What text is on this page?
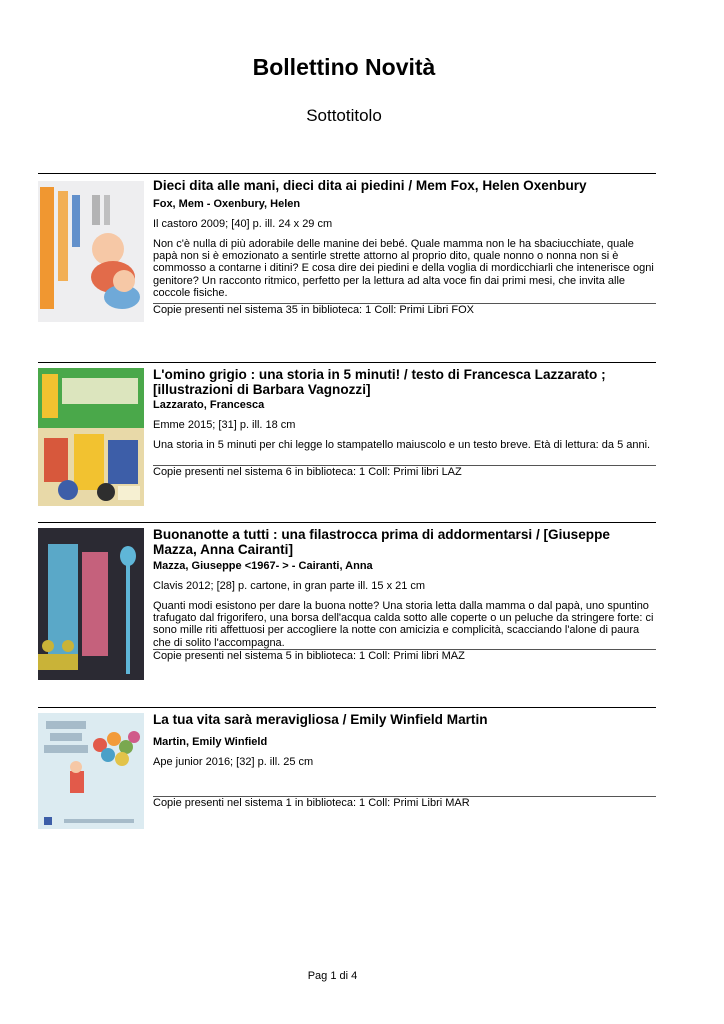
Bollettino Novità
Sottotitolo
Dieci dita alle mani, dieci dita ai piedini / Mem Fox, Helen Oxenbury
Fox, Mem - Oxenbury, Helen
Il castoro 2009; [40] p. ill. 24 x 29 cm
Non c'è nulla di più adorabile delle manine dei bebé. Quale mamma non le ha sbaciucchiate, quale papà non si è emozionato a sentirle strette attorno al proprio dito, quale nonno o nonna non si è commosso a contarne i ditini? E cosa dire dei piedini e della voglia di mordicchiarli che intenerisce ogni genitore? Un racconto ritmico, perfetto per la lettura ad alta voce fin dai primi mesi, che invita alle coccole fisiche.
Copie presenti nel sistema 35 in biblioteca: 1 Coll: Primi Libri FOX
L'omino grigio : una storia in 5 minuti! / testo di Francesca Lazzarato ; [illustrazioni di Barbara Vagnozzi]
Lazzarato, Francesca
Emme 2015; [31] p. ill. 18 cm
Una storia in 5 minuti per chi legge lo stampatello maiuscolo e un testo breve. Età di lettura: da 5 anni.
Copie presenti nel sistema 6 in biblioteca: 1 Coll: Primi libri LAZ
Buonanotte a tutti : una filastrocca prima di addormentarsi / [Giuseppe Mazza, Anna Cairanti]
Mazza, Giuseppe <1967- > - Cairanti, Anna
Clavis 2012; [28] p. cartone, in gran parte ill. 15 x 21 cm
Quanti modi esistono per dare la buona notte? Una storia letta dalla mamma o dal papà, uno spuntino trafugato dal frigorifero, una borsa dell'acqua calda sotto alle coperte o un peluche da stringere forte: ci sono mille riti affettuosi per accogliere la notte con amicizia e complicità, scacciando l'alone di paura che di solito l'accompagna.
Copie presenti nel sistema 5 in biblioteca: 1 Coll: Primi libri MAZ
La tua vita sarà meravigliosa / Emily Winfield Martin
Martin, Emily Winfield
Ape junior 2016; [32] p. ill. 25 cm
Copie presenti nel sistema 1 in biblioteca: 1 Coll: Primi Libri MAR
Pag 1 di 4
